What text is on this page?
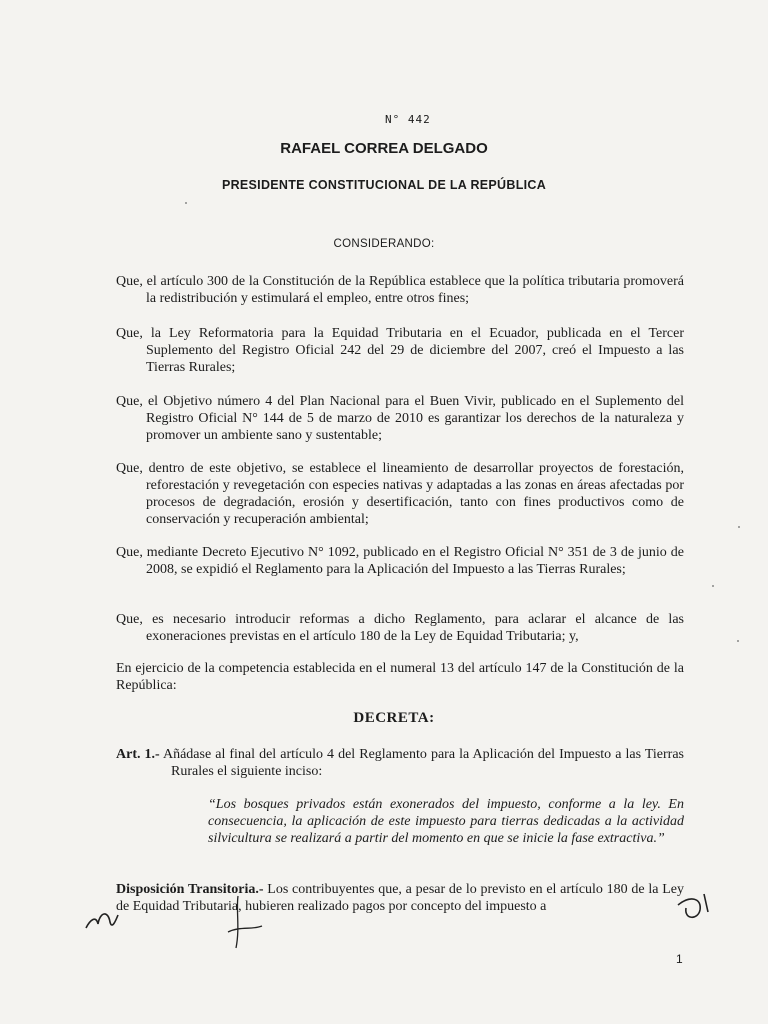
N° 442
RAFAEL CORREA DELGADO
PRESIDENTE CONSTITUCIONAL DE LA REPÚBLICA
CONSIDERANDO:
Que, el artículo 300 de la Constitución de la República establece que la política tributaria promoverá la redistribución y estimulará el empleo, entre otros fines;
Que, la Ley Reformatoria para la Equidad Tributaria en el Ecuador, publicada en el Tercer Suplemento del Registro Oficial 242 del 29 de diciembre del 2007, creó el Impuesto a las Tierras Rurales;
Que, el Objetivo número 4 del Plan Nacional para el Buen Vivir, publicado en el Suplemento del Registro Oficial N° 144 de 5 de marzo de 2010 es garantizar los derechos de la naturaleza y promover un ambiente sano y sustentable;
Que, dentro de este objetivo, se establece el lineamiento de desarrollar proyectos de forestación, reforestación y revegetación con especies nativas y adaptadas a las zonas en áreas afectadas por procesos de degradación, erosión y desertificación, tanto con fines productivos como de conservación y recuperación ambiental;
Que, mediante Decreto Ejecutivo N° 1092, publicado en el Registro Oficial N° 351 de 3 de junio de 2008, se expidió el Reglamento para la Aplicación del Impuesto a las Tierras Rurales;
Que, es necesario introducir reformas a dicho Reglamento, para aclarar el alcance de las exoneraciones previstas en el artículo 180 de la Ley de Equidad Tributaria; y,
En ejercicio de la competencia establecida en el numeral 13 del artículo 147 de la Constitución de la República:
DECRETA:
Art. 1.- Añádase al final del artículo 4 del Reglamento para la Aplicación del Impuesto a las Tierras Rurales el siguiente inciso:
“Los bosques privados están exonerados del impuesto, conforme a la ley. En consecuencia, la aplicación de este impuesto para tierras dedicadas a la actividad silvicultura se realizará a partir del momento en que se inicie la fase extractiva.”
Disposición Transitoria.- Los contribuyentes que, a pesar de lo previsto en el artículo 180 de la Ley de Equidad Tributaria, hubieren realizado pagos por concepto del impuesto a
1
